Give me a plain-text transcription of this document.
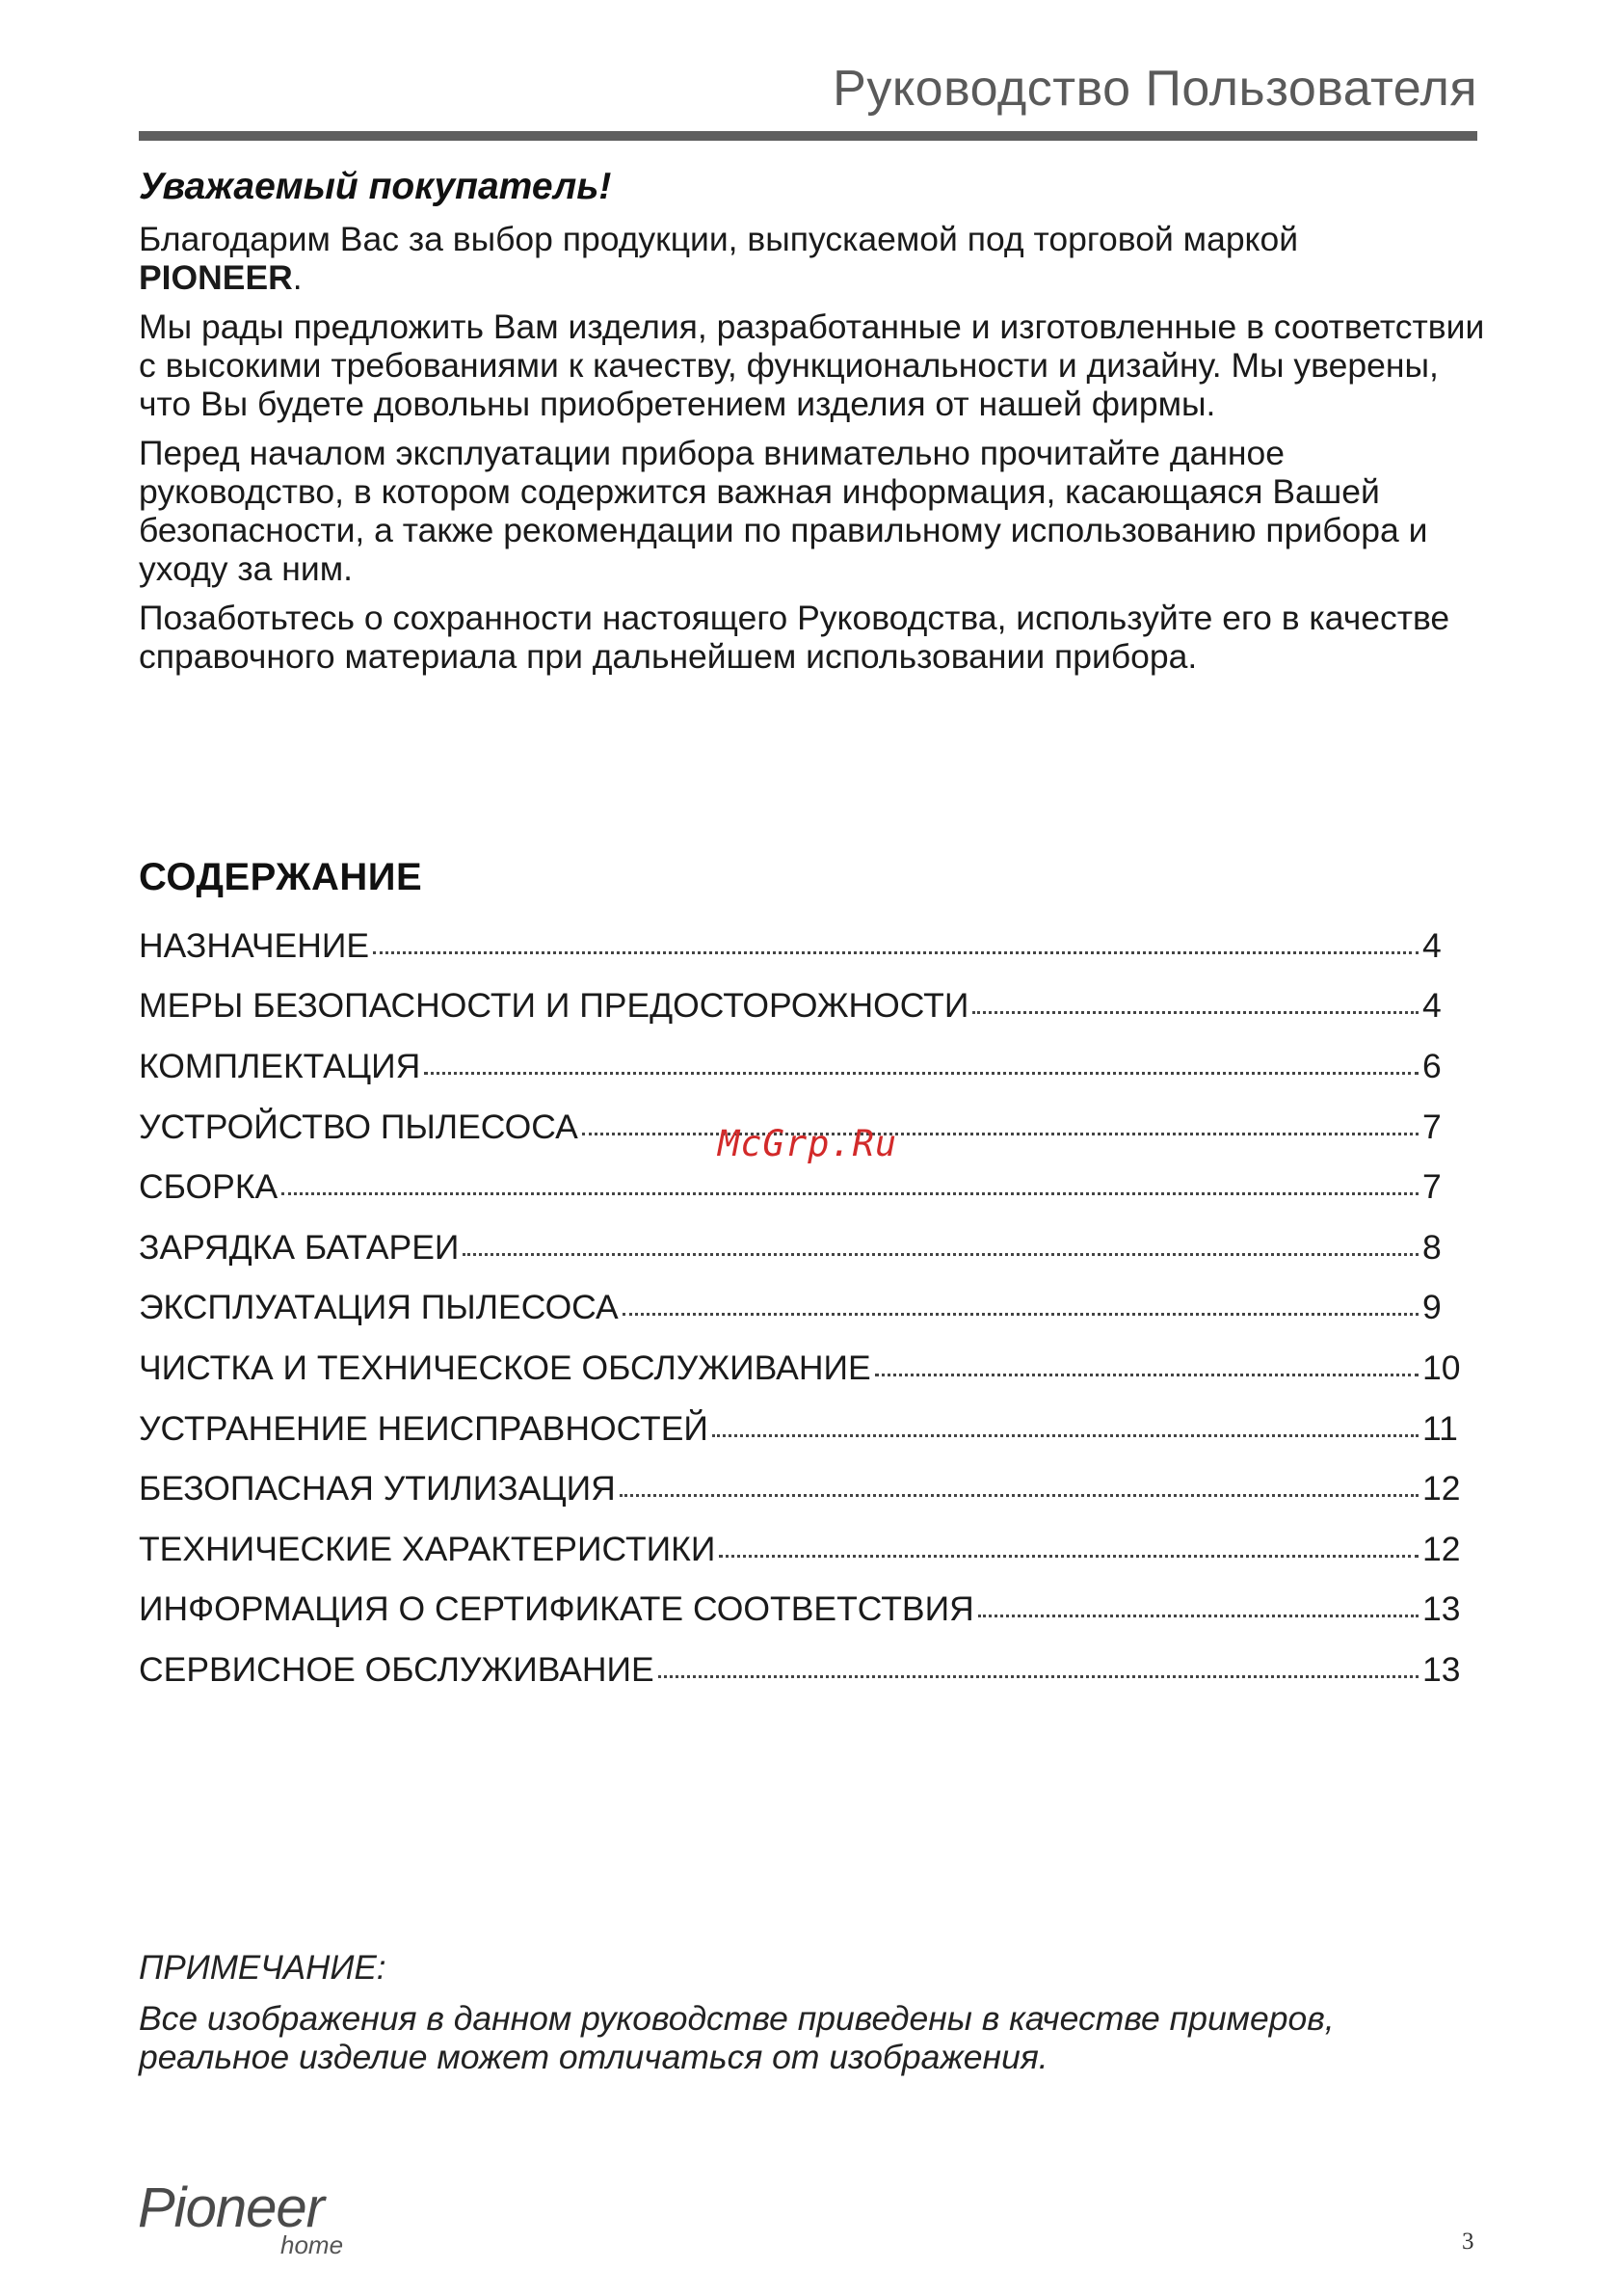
Руководство Пользователя
Уважаемый покупатель!

Благодарим Вас за выбор продукции, выпускаемой под торговой маркой
PIONEER.

Мы рады предложить Вам изделия, разработанные и изготовленные в соответствии с высокими требованиями к качеству, функциональности и дизайну. Мы уверены, что Вы будете довольны приобретением изделия от нашей фирмы.

Перед началом эксплуатации прибора внимательно прочитайте данное руководство, в котором содержится важная информация, касающаяся Вашей безопасности, а также рекомендации по правильному использованию прибора и уходу за ним.

Позаботьтесь о сохранности настоящего Руководства, используйте его в качестве справочного материала при дальнейшем использовании прибора.

СОДЕРЖАНИЕ
НАЗНАЧЕНИЕ	4
МЕРЫ БЕЗОПАСНОСТИ И ПРЕДОСТОРОЖНОСТИ	4
КОМПЛЕКТАЦИЯ	6
УСТРОЙСТВО ПЫЛЕСОСА	7
СБОРКА	7
ЗАРЯДКА БАТАРЕИ	8
ЭКСПЛУАТАЦИЯ ПЫЛЕСОСА	9
ЧИСТКА И ТЕХНИЧЕСКОЕ ОБСЛУЖИВАНИЕ	10
УСТРАНЕНИЕ НЕИСПРАВНОСТЕЙ	11
БЕЗОПАСНАЯ УТИЛИЗАЦИЯ	12
ТЕХНИЧЕСКИЕ ХАРАКТЕРИСТИКИ	12
ИНФОРМАЦИЯ О СЕРТИФИКАТЕ СООТВЕТСТВИЯ	13
СЕРВИСНОЕ ОБСЛУЖИВАНИЕ	13
McGrp.Ru
ПРИМЕЧАНИЕ:
Все изображения в данном руководстве приведены в качестве примеров, реальное изделие может отличаться от изображения.
Pioneer
home	3
